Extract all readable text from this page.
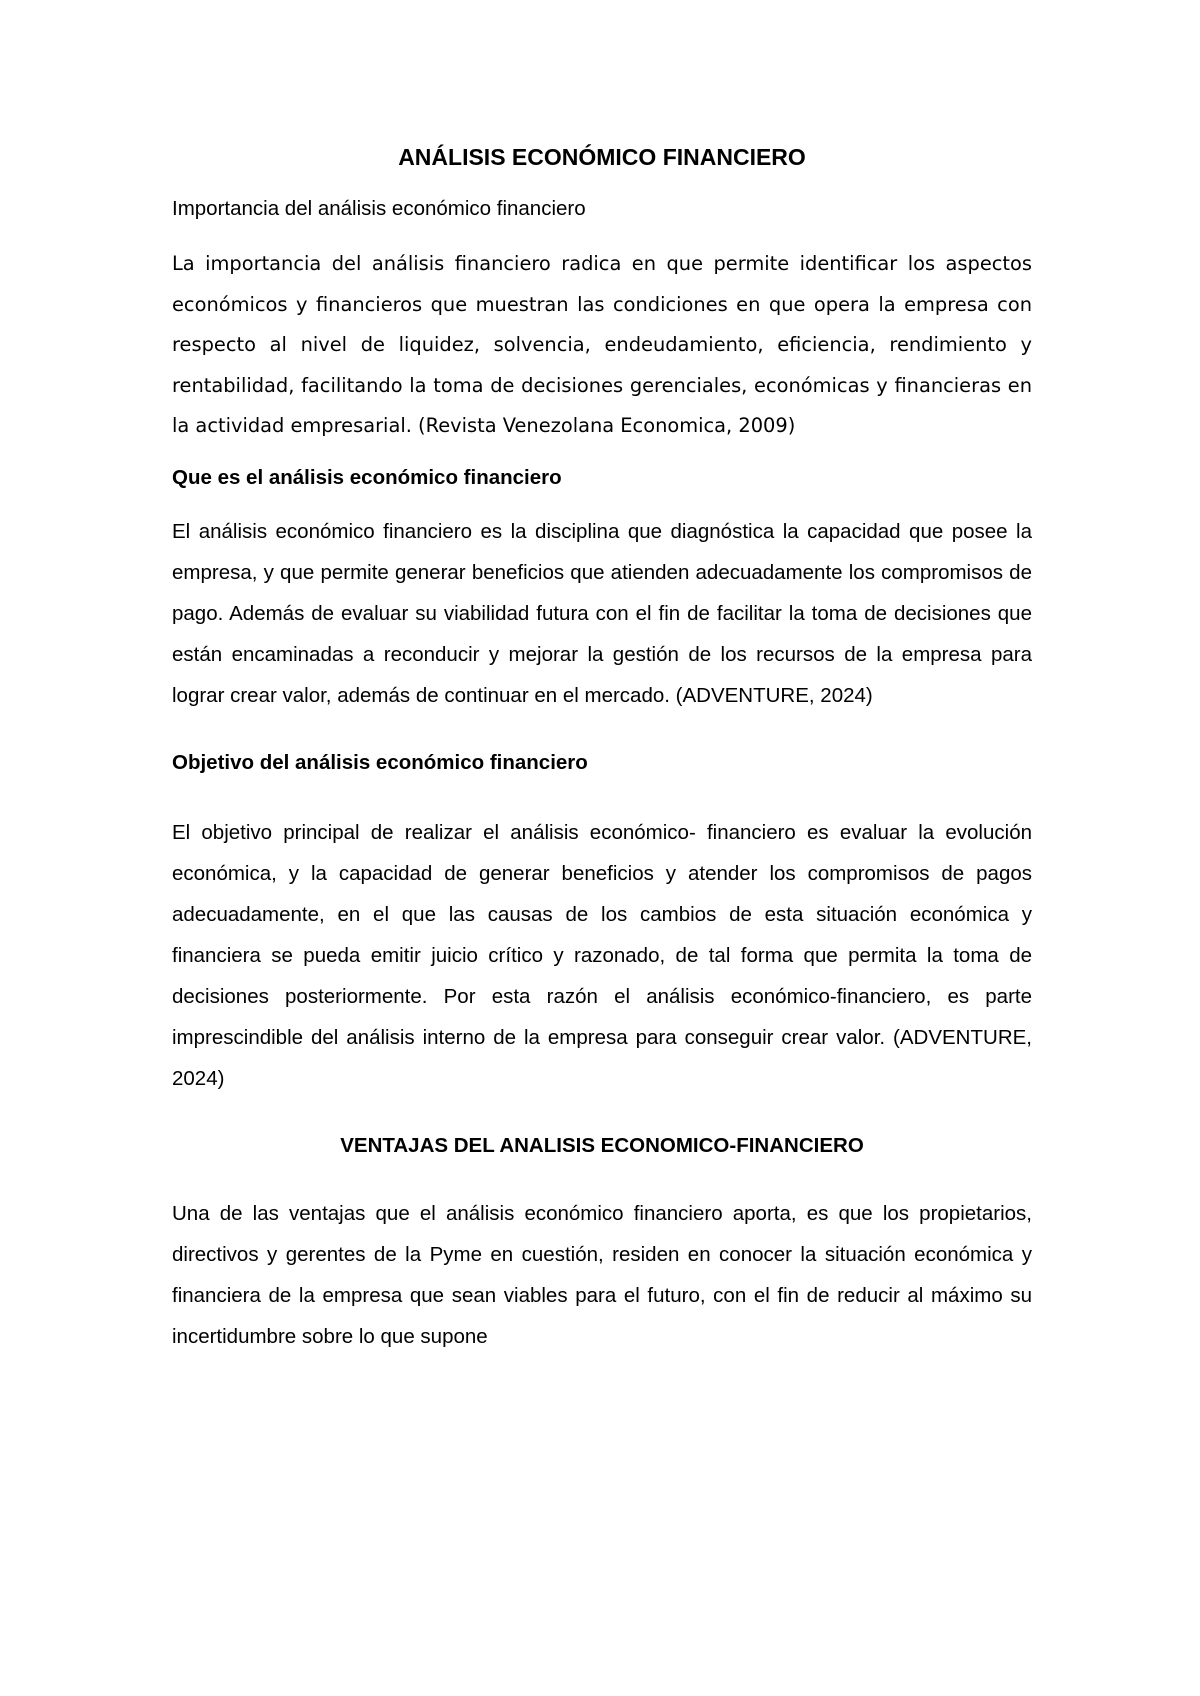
ANÁLISIS ECONÓMICO FINANCIERO

Importancia del análisis económico financiero

La importancia del análisis financiero radica en que permite identificar los aspectos económicos y financieros que muestran las condiciones en que opera la empresa con respecto al nivel de liquidez, solvencia, endeudamiento, eficiencia, rendimiento y rentabilidad, facilitando la toma de decisiones gerenciales, económicas y financieras en la actividad empresarial. (Revista Venezolana Economica, 2009)

Que es el análisis económico financiero

El análisis económico financiero es la disciplina que diagnóstica la capacidad que posee la empresa, y que permite generar beneficios que atienden adecuadamente los compromisos de pago. Además de evaluar su viabilidad futura con el fin de facilitar la toma de decisiones que están encaminadas a reconducir y mejorar la gestión de los recursos de la empresa para lograr crear valor, además de continuar en el mercado. (ADVENTURE, 2024)

Objetivo del análisis económico financiero

El objetivo principal de realizar el análisis económico- financiero es evaluar la evolución económica, y la capacidad de generar beneficios y atender los compromisos de pagos adecuadamente, en el que las causas de los cambios de esta situación económica y financiera se pueda emitir juicio crítico y razonado, de tal forma que permita la toma de decisiones posteriormente. Por esta razón el análisis económico-financiero, es parte imprescindible del análisis interno de la empresa para conseguir crear valor. (ADVENTURE, 2024)

VENTAJAS DEL ANALISIS ECONOMICO-FINANCIERO

Una de las ventajas que el análisis económico financiero aporta, es que los propietarios, directivos y gerentes de la Pyme en cuestión, residen en conocer la situación económica y financiera de la empresa que sean viables para el futuro, con el fin de reducir al máximo su incertidumbre sobre lo que supone
